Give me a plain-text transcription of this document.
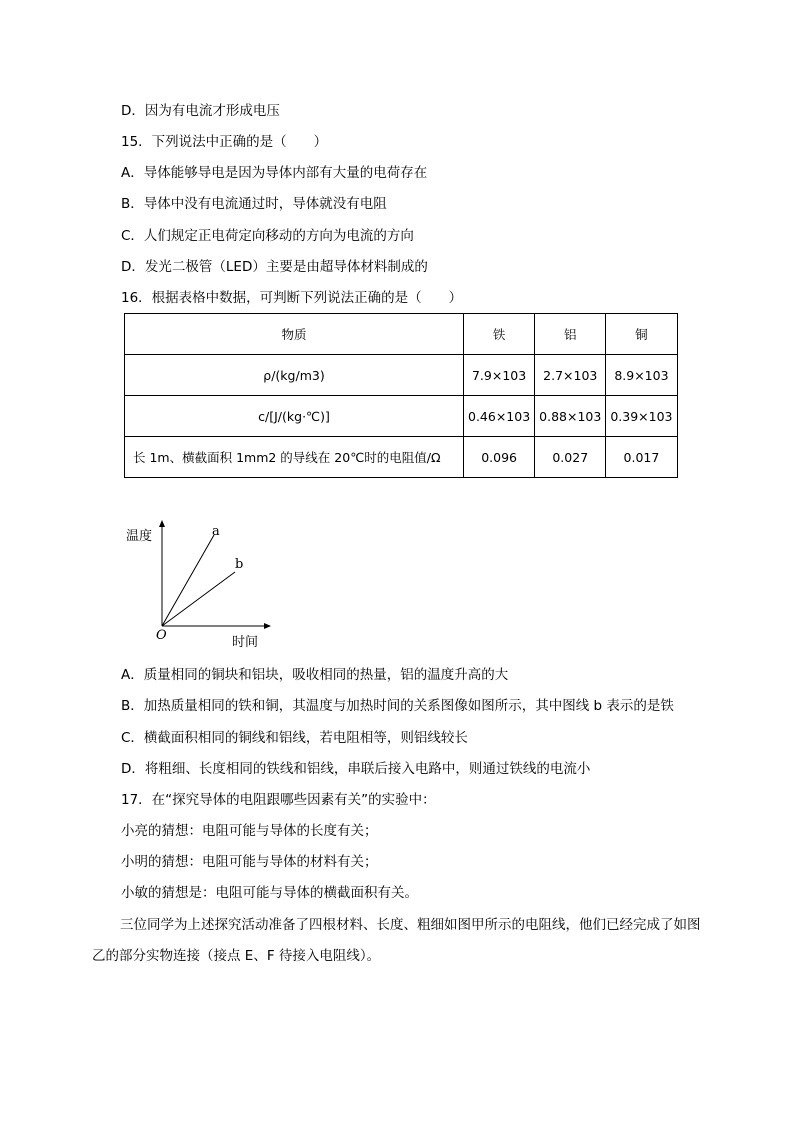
D．因为有电流才形成电压
15．下列说法中正确的是（　　）
A．导体能够导电是因为导体内部有大量的电荷存在
B．导体中没有电流通过时，导体就没有电阻
C．人们规定正电荷定向移动的方向为电流的方向
D．发光二极管（LED）主要是由超导体材料制成的
16．根据表格中数据，可判断下列说法正确的是（　　）
物质	铁	铝	铜
ρ/(kg/m3)	7.9×103	2.7×103	8.9×103
c/[J/(kg·℃)]	0.46×103	0.88×103	0.39×103
长 1m、横截面积 1mm2 的导线在 20℃时的电阻值/Ω	0.096	0.027	0.017
温度
时间
O
a
b
A．质量相同的铜块和铝块，吸收相同的热量，铝的温度升高的大
B．加热质量相同的铁和铜，其温度与加热时间的关系图像如图所示，其中图线 b 表示的是铁
C．横截面积相同的铜线和铝线，若电阻相等，则铝线较长
D．将粗细、长度相同的铁线和铝线，串联后接入电路中，则通过铁线的电流小
17．在“探究导体的电阻跟哪些因素有关”的实验中：
小亮的猜想：电阻可能与导体的长度有关；
小明的猜想：电阻可能与导体的材料有关；
小敏的猜想是：电阻可能与导体的横截面积有关。
三位同学为上述探究活动准备了四根材料、长度、粗细如图甲所示的电阻线，他们已经完成了如图乙的部分实物连接（接点 E、F 待接入电阻线）。
